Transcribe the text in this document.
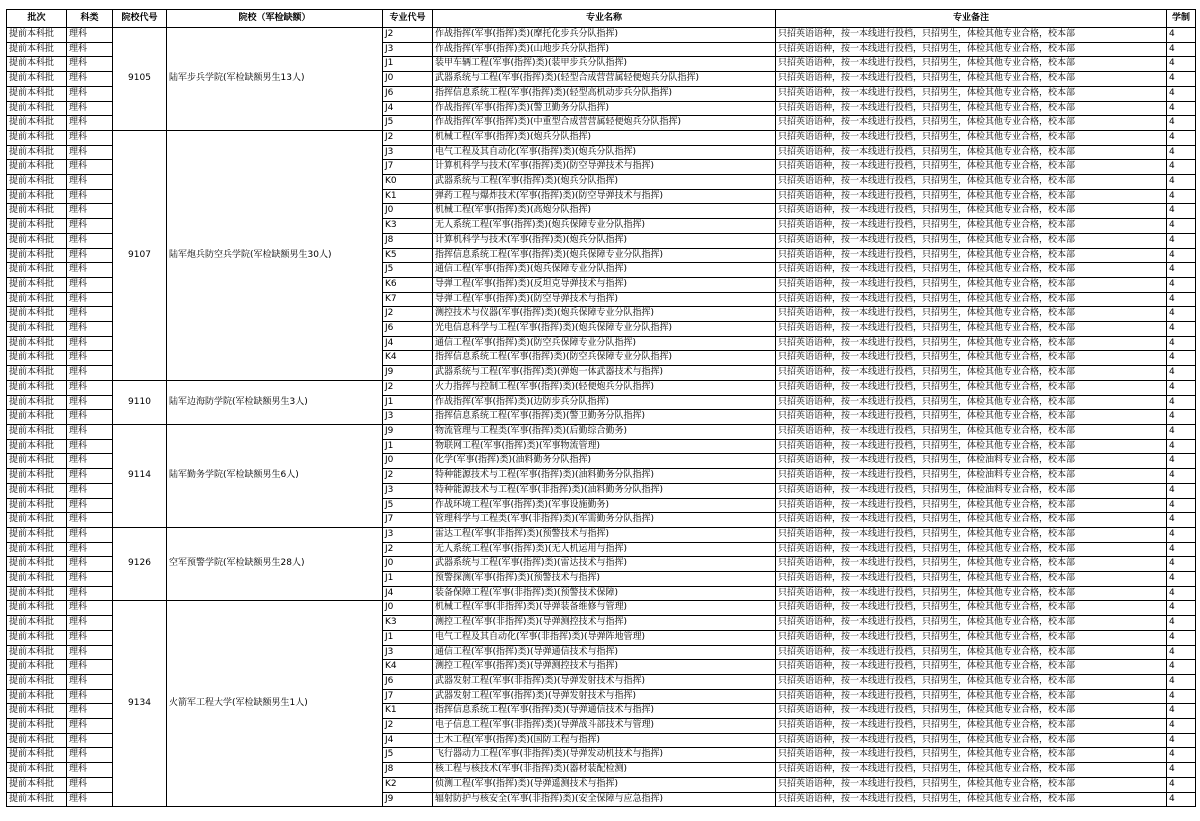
批次	科类	院校代号	院校（军检缺额）	专业代号	专业名称	专业备注	学制
提前本科批	理科	9105	陆军步兵学院(军检缺额男生13人)	J2	作战指挥(军事(指挥)类)(摩托化步兵分队指挥)	只招英语语种，按一本线进行投档，只招男生，体检其他专业合格，校本部	4
提前本科批	理科			J3	作战指挥(军事(指挥)类)(山地步兵分队指挥)	只招英语语种，按一本线进行投档，只招男生，体检其他专业合格，校本部	4
提前本科批	理科			J1	装甲车辆工程(军事(指挥)类)(装甲步兵分队指挥)	只招英语语种，按一本线进行投档，只招男生，体检其他专业合格，校本部	4
提前本科批	理科			J0	武器系统与工程(军事(指挥)类)(轻型合成营营属轻便炮兵分队指挥)	只招英语语种，按一本线进行投档，只招男生，体检其他专业合格，校本部	4
提前本科批	理科			J6	指挥信息系统工程(军事(指挥)类)(轻型高机动步兵分队指挥)	只招英语语种，按一本线进行投档，只招男生，体检其他专业合格，校本部	4
提前本科批	理科			J4	作战指挥(军事(指挥)类)(警卫勤务分队指挥)	只招英语语种，按一本线进行投档，只招男生，体检其他专业合格，校本部	4
提前本科批	理科			J5	作战指挥(军事(指挥)类)(中重型合成营营属轻便炮兵分队指挥)	只招英语语种，按一本线进行投档，只招男生，体检其他专业合格，校本部	4
提前本科批	理科	9107	陆军炮兵防空兵学院(军检缺额男生30人)	J2	机械工程(军事(指挥)类)(炮兵分队指挥)	只招英语语种，按一本线进行投档，只招男生，体检其他专业合格，校本部	4
提前本科批	理科			J3	电气工程及其自动化(军事(指挥)类)(炮兵分队指挥)	只招英语语种，按一本线进行投档，只招男生，体检其他专业合格，校本部	4
提前本科批	理科			J7	计算机科学与技术(军事(指挥)类)(防空导弹技术与指挥)	只招英语语种，按一本线进行投档，只招男生，体检其他专业合格，校本部	4
提前本科批	理科			K0	武器系统与工程(军事(指挥)类)(炮兵分队指挥)	只招英语语种，按一本线进行投档，只招男生，体检其他专业合格，校本部	4
提前本科批	理科			K1	弹药工程与爆炸技术(军事(指挥)类)(防空导弹技术与指挥)	只招英语语种，按一本线进行投档，只招男生，体检其他专业合格，校本部	4
提前本科批	理科			J0	机械工程(军事(指挥)类)(高炮分队指挥)	只招英语语种，按一本线进行投档，只招男生，体检其他专业合格，校本部	4
提前本科批	理科			K3	无人系统工程(军事(指挥)类)(炮兵保障专业分队指挥)	只招英语语种，按一本线进行投档，只招男生，体检其他专业合格，校本部	4
提前本科批	理科			J8	计算机科学与技术(军事(指挥)类)(炮兵分队指挥)	只招英语语种，按一本线进行投档，只招男生，体检其他专业合格，校本部	4
提前本科批	理科			K5	指挥信息系统工程(军事(指挥)类)(炮兵保障专业分队指挥)	只招英语语种，按一本线进行投档，只招男生，体检其他专业合格，校本部	4
提前本科批	理科			J5	通信工程(军事(指挥)类)(炮兵保障专业分队指挥)	只招英语语种，按一本线进行投档，只招男生，体检其他专业合格，校本部	4
提前本科批	理科			K6	导弹工程(军事(指挥)类)(反坦克导弹技术与指挥)	只招英语语种，按一本线进行投档，只招男生，体检其他专业合格，校本部	4
提前本科批	理科			K7	导弹工程(军事(指挥)类)(防空导弹技术与指挥)	只招英语语种，按一本线进行投档，只招男生，体检其他专业合格，校本部	4
提前本科批	理科			J2	测控技术与仪器(军事(指挥)类)(炮兵保障专业分队指挥)	只招英语语种，按一本线进行投档，只招男生，体检其他专业合格，校本部	4
提前本科批	理科			J6	光电信息科学与工程(军事(指挥)类)(炮兵保障专业分队指挥)	只招英语语种，按一本线进行投档，只招男生，体检其他专业合格，校本部	4
提前本科批	理科			J4	通信工程(军事(指挥)类)(防空兵保障专业分队指挥)	只招英语语种，按一本线进行投档，只招男生，体检其他专业合格，校本部	4
提前本科批	理科			K4	指挥信息系统工程(军事(指挥)类)(防空兵保障专业分队指挥)	只招英语语种，按一本线进行投档，只招男生，体检其他专业合格，校本部	4
提前本科批	理科			J9	武器系统与工程(军事(指挥)类)(弹炮一体武器技术与指挥)	只招英语语种，按一本线进行投档，只招男生，体检其他专业合格，校本部	4
提前本科批	理科	9110	陆军边海防学院(军检缺额男生3人)	J2	火力指挥与控制工程(军事(指挥)类)(轻便炮兵分队指挥)	只招英语语种，按一本线进行投档，只招男生，体检其他专业合格，校本部	4
提前本科批	理科			J1	作战指挥(军事(指挥)类)(边防步兵分队指挥)	只招英语语种，按一本线进行投档，只招男生，体检其他专业合格，校本部	4
提前本科批	理科			J3	指挥信息系统工程(军事(指挥)类)(警卫勤务分队指挥)	只招英语语种，按一本线进行投档，只招男生，体检其他专业合格，校本部	4
提前本科批	理科	9114	陆军勤务学院(军检缺额男生6人)	J9	物流管理与工程类(军事(指挥)类)(后勤综合勤务)	只招英语语种，按一本线进行投档，只招男生，体检其他专业合格，校本部	4
提前本科批	理科			J1	物联网工程(军事(指挥)类)(军事物流管理)	只招英语语种，按一本线进行投档，只招男生，体检其他专业合格，校本部	4
提前本科批	理科			J0	化学(军事(指挥)类)(油料勤务分队指挥)	只招英语语种，按一本线进行投档，只招男生，体检油料专业合格，校本部	4
提前本科批	理科			J2	特种能源技术与工程(军事(指挥)类)(油料勤务分队指挥)	只招英语语种，按一本线进行投档，只招男生，体检油料专业合格，校本部	4
提前本科批	理科			J3	特种能源技术与工程(军事(非指挥)类)(油料勤务分队指挥)	只招英语语种，按一本线进行投档，只招男生，体检油料专业合格，校本部	4
提前本科批	理科			J5	作战环境工程(军事(指挥)类)(军事设施勤务)	只招英语语种，按一本线进行投档，只招男生，体检其他专业合格，校本部	4
提前本科批	理科			J7	管理科学与工程类(军事(非指挥)类)(军需勤务分队指挥)	只招英语语种，按一本线进行投档，只招男生，体检其他专业合格，校本部	4
提前本科批	理科	9126	空军预警学院(军检缺额男生28人)	J3	雷达工程(军事(非指挥)类)(预警技术与指挥)	只招英语语种，按一本线进行投档，只招男生，体检其他专业合格，校本部	4
提前本科批	理科			J2	无人系统工程(军事(指挥)类)(无人机运用与指挥)	只招英语语种，按一本线进行投档，只招男生，体检其他专业合格，校本部	4
提前本科批	理科			J0	武器系统与工程(军事(指挥)类)(雷达技术与指挥)	只招英语语种，按一本线进行投档，只招男生，体检其他专业合格，校本部	4
提前本科批	理科			J1	预警探测(军事(指挥)类)(预警技术与指挥)	只招英语语种，按一本线进行投档，只招男生，体检其他专业合格，校本部	4
提前本科批	理科			J4	装备保障工程(军事(非指挥)类)(预警技术保障)	只招英语语种，按一本线进行投档，只招男生，体检其他专业合格，校本部	4
提前本科批	理科	9134	火箭军工程大学(军检缺额男生1人)	J0	机械工程(军事(非指挥)类)(导弹装备维修与管理)	只招英语语种，按一本线进行投档，只招男生，体检其他专业合格，校本部	4
提前本科批	理科			K3	测控工程(军事(非指挥)类)(导弹测控技术与指挥)	只招英语语种，按一本线进行投档，只招男生，体检其他专业合格，校本部	4
提前本科批	理科			J1	电气工程及其自动化(军事(非指挥)类)(导弹阵地管理)	只招英语语种，按一本线进行投档，只招男生，体检其他专业合格，校本部	4
提前本科批	理科			J3	通信工程(军事(指挥)类)(导弹通信技术与指挥)	只招英语语种，按一本线进行投档，只招男生，体检其他专业合格，校本部	4
提前本科批	理科			K4	测控工程(军事(指挥)类)(导弹测控技术与指挥)	只招英语语种，按一本线进行投档，只招男生，体检其他专业合格，校本部	4
提前本科批	理科			J6	武器发射工程(军事(非指挥)类)(导弹发射技术与指挥)	只招英语语种，按一本线进行投档，只招男生，体检其他专业合格，校本部	4
提前本科批	理科			J7	武器发射工程(军事(指挥)类)(导弹发射技术与指挥)	只招英语语种，按一本线进行投档，只招男生，体检其他专业合格，校本部	4
提前本科批	理科			K1	指挥信息系统工程(军事(指挥)类)(导弹通信技术与指挥)	只招英语语种，按一本线进行投档，只招男生，体检其他专业合格，校本部	4
提前本科批	理科			J2	电子信息工程(军事(非指挥)类)(导弹战斗部技术与管理)	只招英语语种，按一本线进行投档，只招男生，体检其他专业合格，校本部	4
提前本科批	理科			J4	土木工程(军事(指挥)类)(国防工程与指挥)	只招英语语种，按一本线进行投档，只招男生，体检其他专业合格，校本部	4
提前本科批	理科			J5	飞行器动力工程(军事(非指挥)类)(导弹发动机技术与指挥)	只招英语语种，按一本线进行投档，只招男生，体检其他专业合格，校本部	4
提前本科批	理科			J8	核工程与核技术(军事(非指挥)类)(器材装配检测)	只招英语语种，按一本线进行投档，只招男生，体检其他专业合格，校本部	4
提前本科批	理科			K2	侦测工程(军事(指挥)类)(导弹遥测技术与指挥)	只招英语语种，按一本线进行投档，只招男生，体检其他专业合格，校本部	4
提前本科批	理科			J9	辐射防护与核安全(军事(非指挥)类)(安全保障与应急指挥)	只招英语语种，按一本线进行投档，只招男生，体检其他专业合格，校本部	4
